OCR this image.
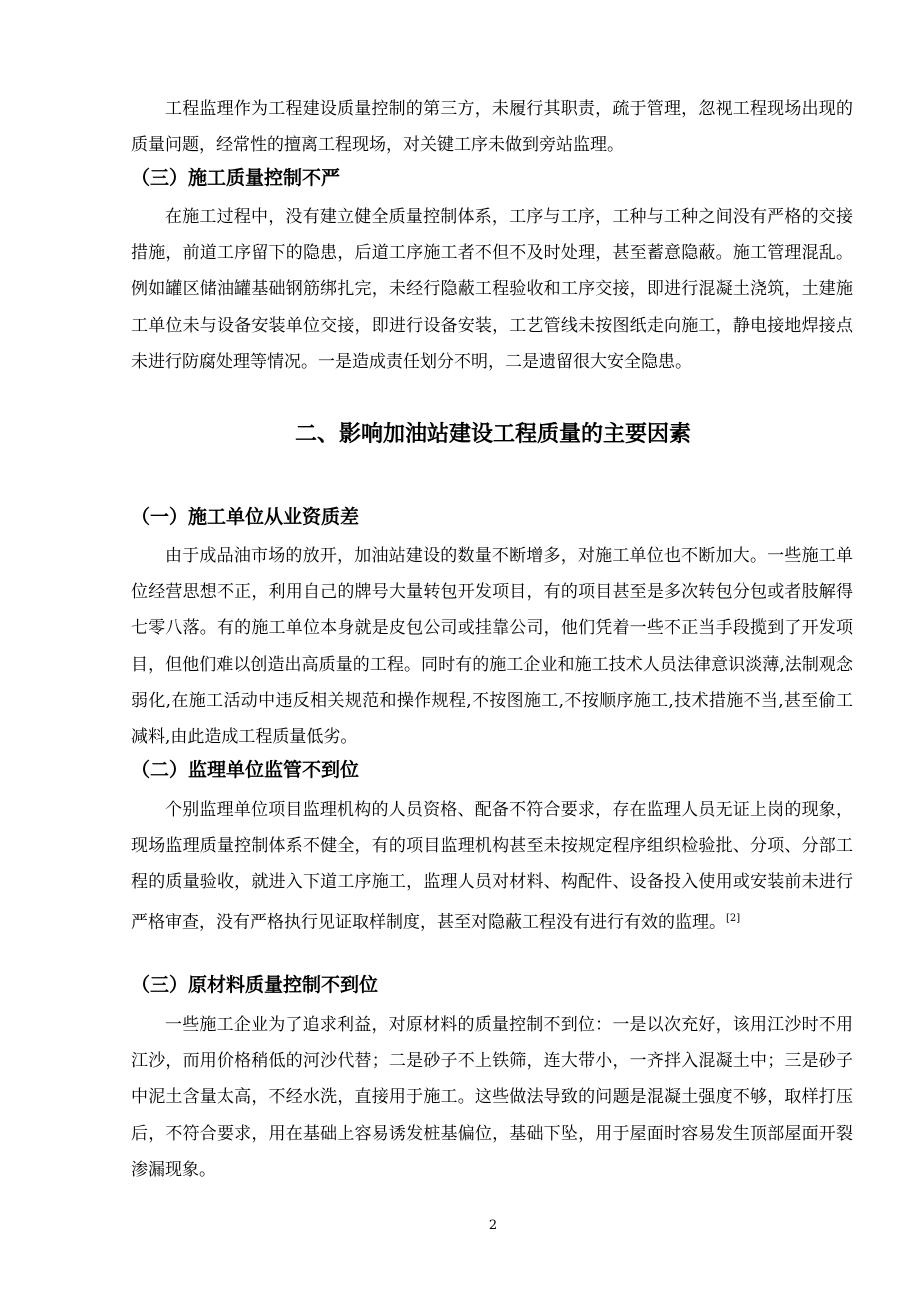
工程监理作为工程建设质量控制的第三方，未履行其职责，疏于管理，忽视工程现场出现的质量问题，经常性的擅离工程现场，对关键工序未做到旁站监理。

（三）施工质量控制不严

在施工过程中，没有建立健全质量控制体系，工序与工序，工种与工种之间没有严格的交接措施，前道工序留下的隐患，后道工序施工者不但不及时处理，甚至蓄意隐蔽。施工管理混乱。例如罐区储油罐基础钢筋绑扎完，未经行隐蔽工程验收和工序交接，即进行混凝土浇筑，土建施工单位未与设备安装单位交接，即进行设备安装，工艺管线未按图纸走向施工，静电接地焊接点未进行防腐处理等情况。一是造成责任划分不明，二是遗留很大安全隐患。

二、影响加油站建设工程质量的主要因素
（一）施工单位从业资质差

由于成品油市场的放开，加油站建设的数量不断增多，对施工单位也不断加大。一些施工单位经营思想不正，利用自己的牌号大量转包开发项目，有的项目甚至是多次转包分包或者肢解得七零八落。有的施工单位本身就是皮包公司或挂靠公司，他们凭着一些不正当手段揽到了开发项目，但他们难以创造出高质量的工程。同时有的施工企业和施工技术人员法律意识淡薄,法制观念弱化,在施工活动中违反相关规范和操作规程,不按图施工,不按顺序施工,技术措施不当,甚至偷工减料,由此造成工程质量低劣。

（二）监理单位监管不到位

个别监理单位项目监理机构的人员资格、配备不符合要求，存在监理人员无证上岗的现象，现场监理质量控制体系不健全，有的项目监理机构甚至未按规定程序组织检验批、分项、分部工程的质量验收，就进入下道工序施工，监理人员对材料、构配件、设备投入使用或安装前未进行严格审查，没有严格执行见证取样制度，甚至对隐蔽工程没有进行有效的监理。[2]

（三）原材料质量控制不到位

一些施工企业为了追求利益，对原材料的质量控制不到位：一是以次充好，该用江沙时不用江沙，而用价格稍低的河沙代替；二是砂子不上铁筛，连大带小，一齐拌入混凝土中；三是砂子中泥土含量太高，不经水洗，直接用于施工。这些做法导致的问题是混凝土强度不够，取样打压后，不符合要求，用在基础上容易诱发桩基偏位，基础下坠，用于屋面时容易发生顶部屋面开裂渗漏现象。

2
